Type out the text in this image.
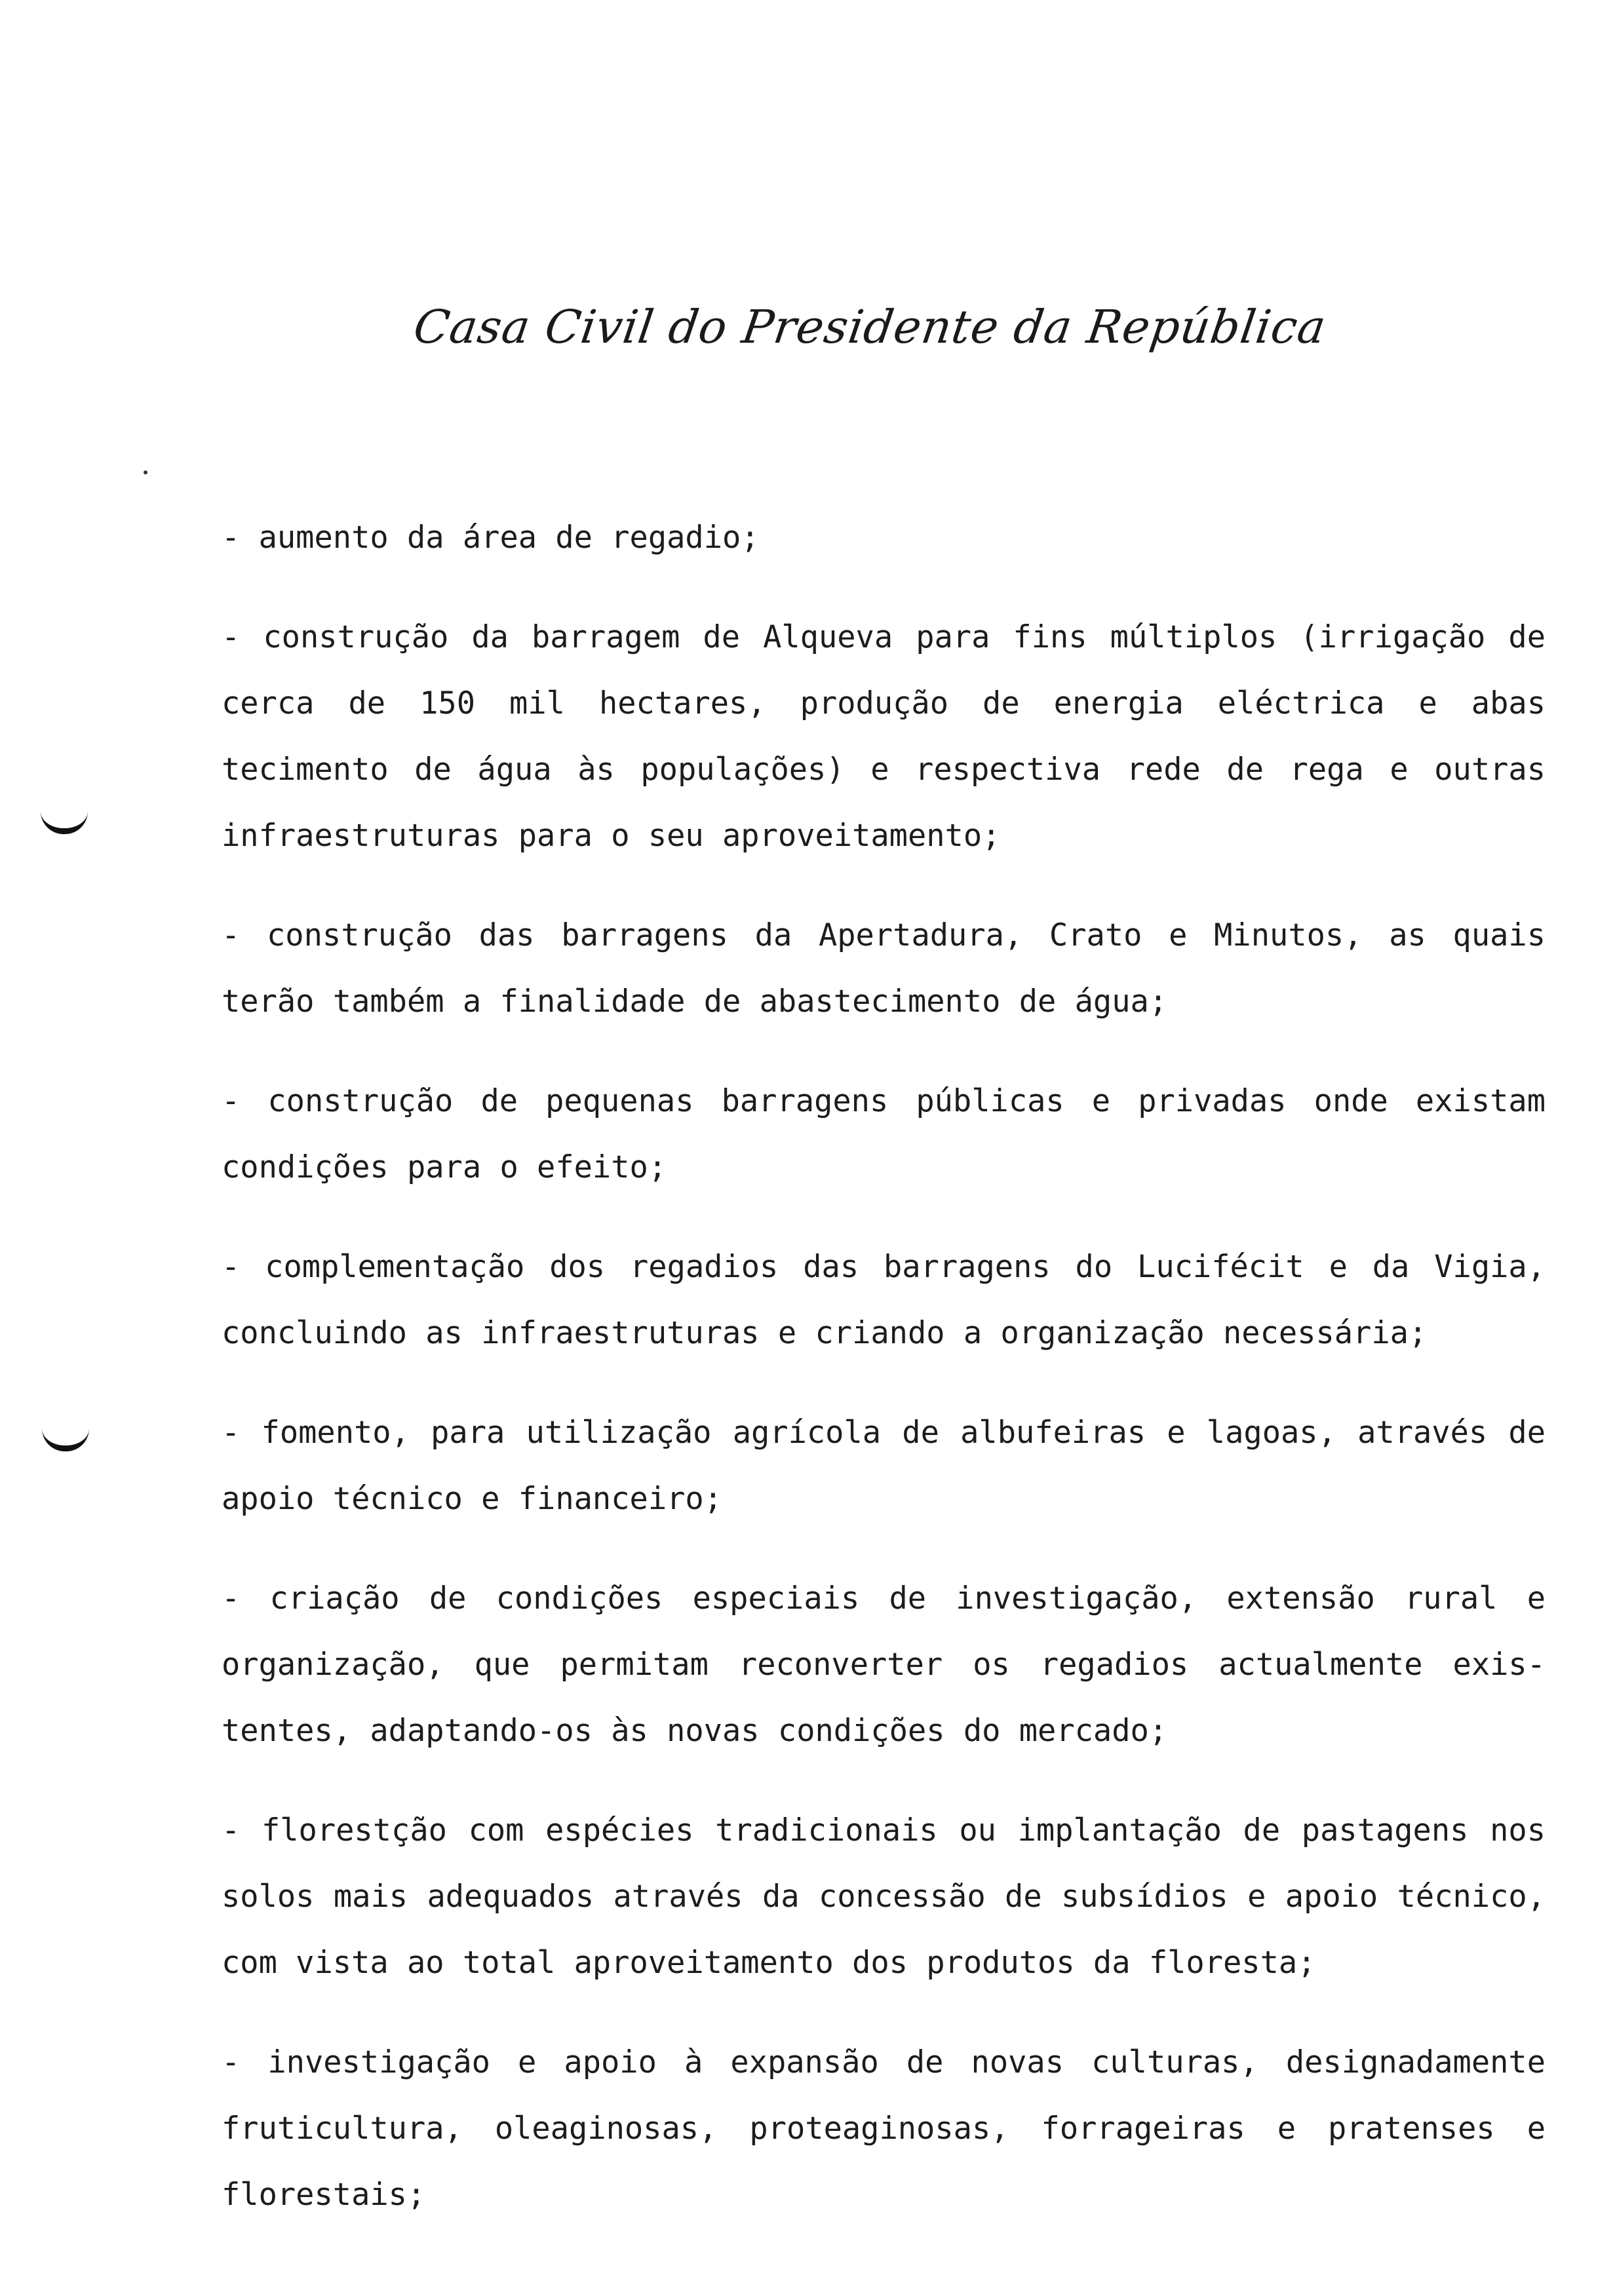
Casa Civil do Presidente da República

- aumento da área de regadio;

- construção da barragem de Alqueva para fins múltiplos (irrigação de cerca de 150 mil hectares, produção de energia eléctrica e abas tecimento de água às populações) e respectiva rede de rega e outras infraestruturas para o seu aproveitamento;

- construção das barragens da Apertadura, Crato e Minutos, as quais terão também a finalidade de abastecimento de água;

- construção de pequenas barragens públicas e privadas onde existam condições para o efeito;

- complementação dos regadios das barragens do Lucifécit e da Vigia, concluindo as infraestruturas e criando a organização necessária;

- fomento, para utilização agrícola de albufeiras e lagoas, através de apoio técnico e financeiro;

- criação de condições especiais de investigação, extensão rural e organização, que permitam reconverter os regadios actualmente exis- tentes, adaptando-os às novas condições do mercado;

- florestção com espécies tradicionais ou implantação de pastagens nos solos mais adequados através da concessão de subsídios e apoio técnico, com vista ao total aproveitamento dos produtos da floresta;

- investigação e apoio à expansão de novas culturas, designadamente fruticultura, oleaginosas, proteaginosas, forrageiras e pratenses e florestais;
